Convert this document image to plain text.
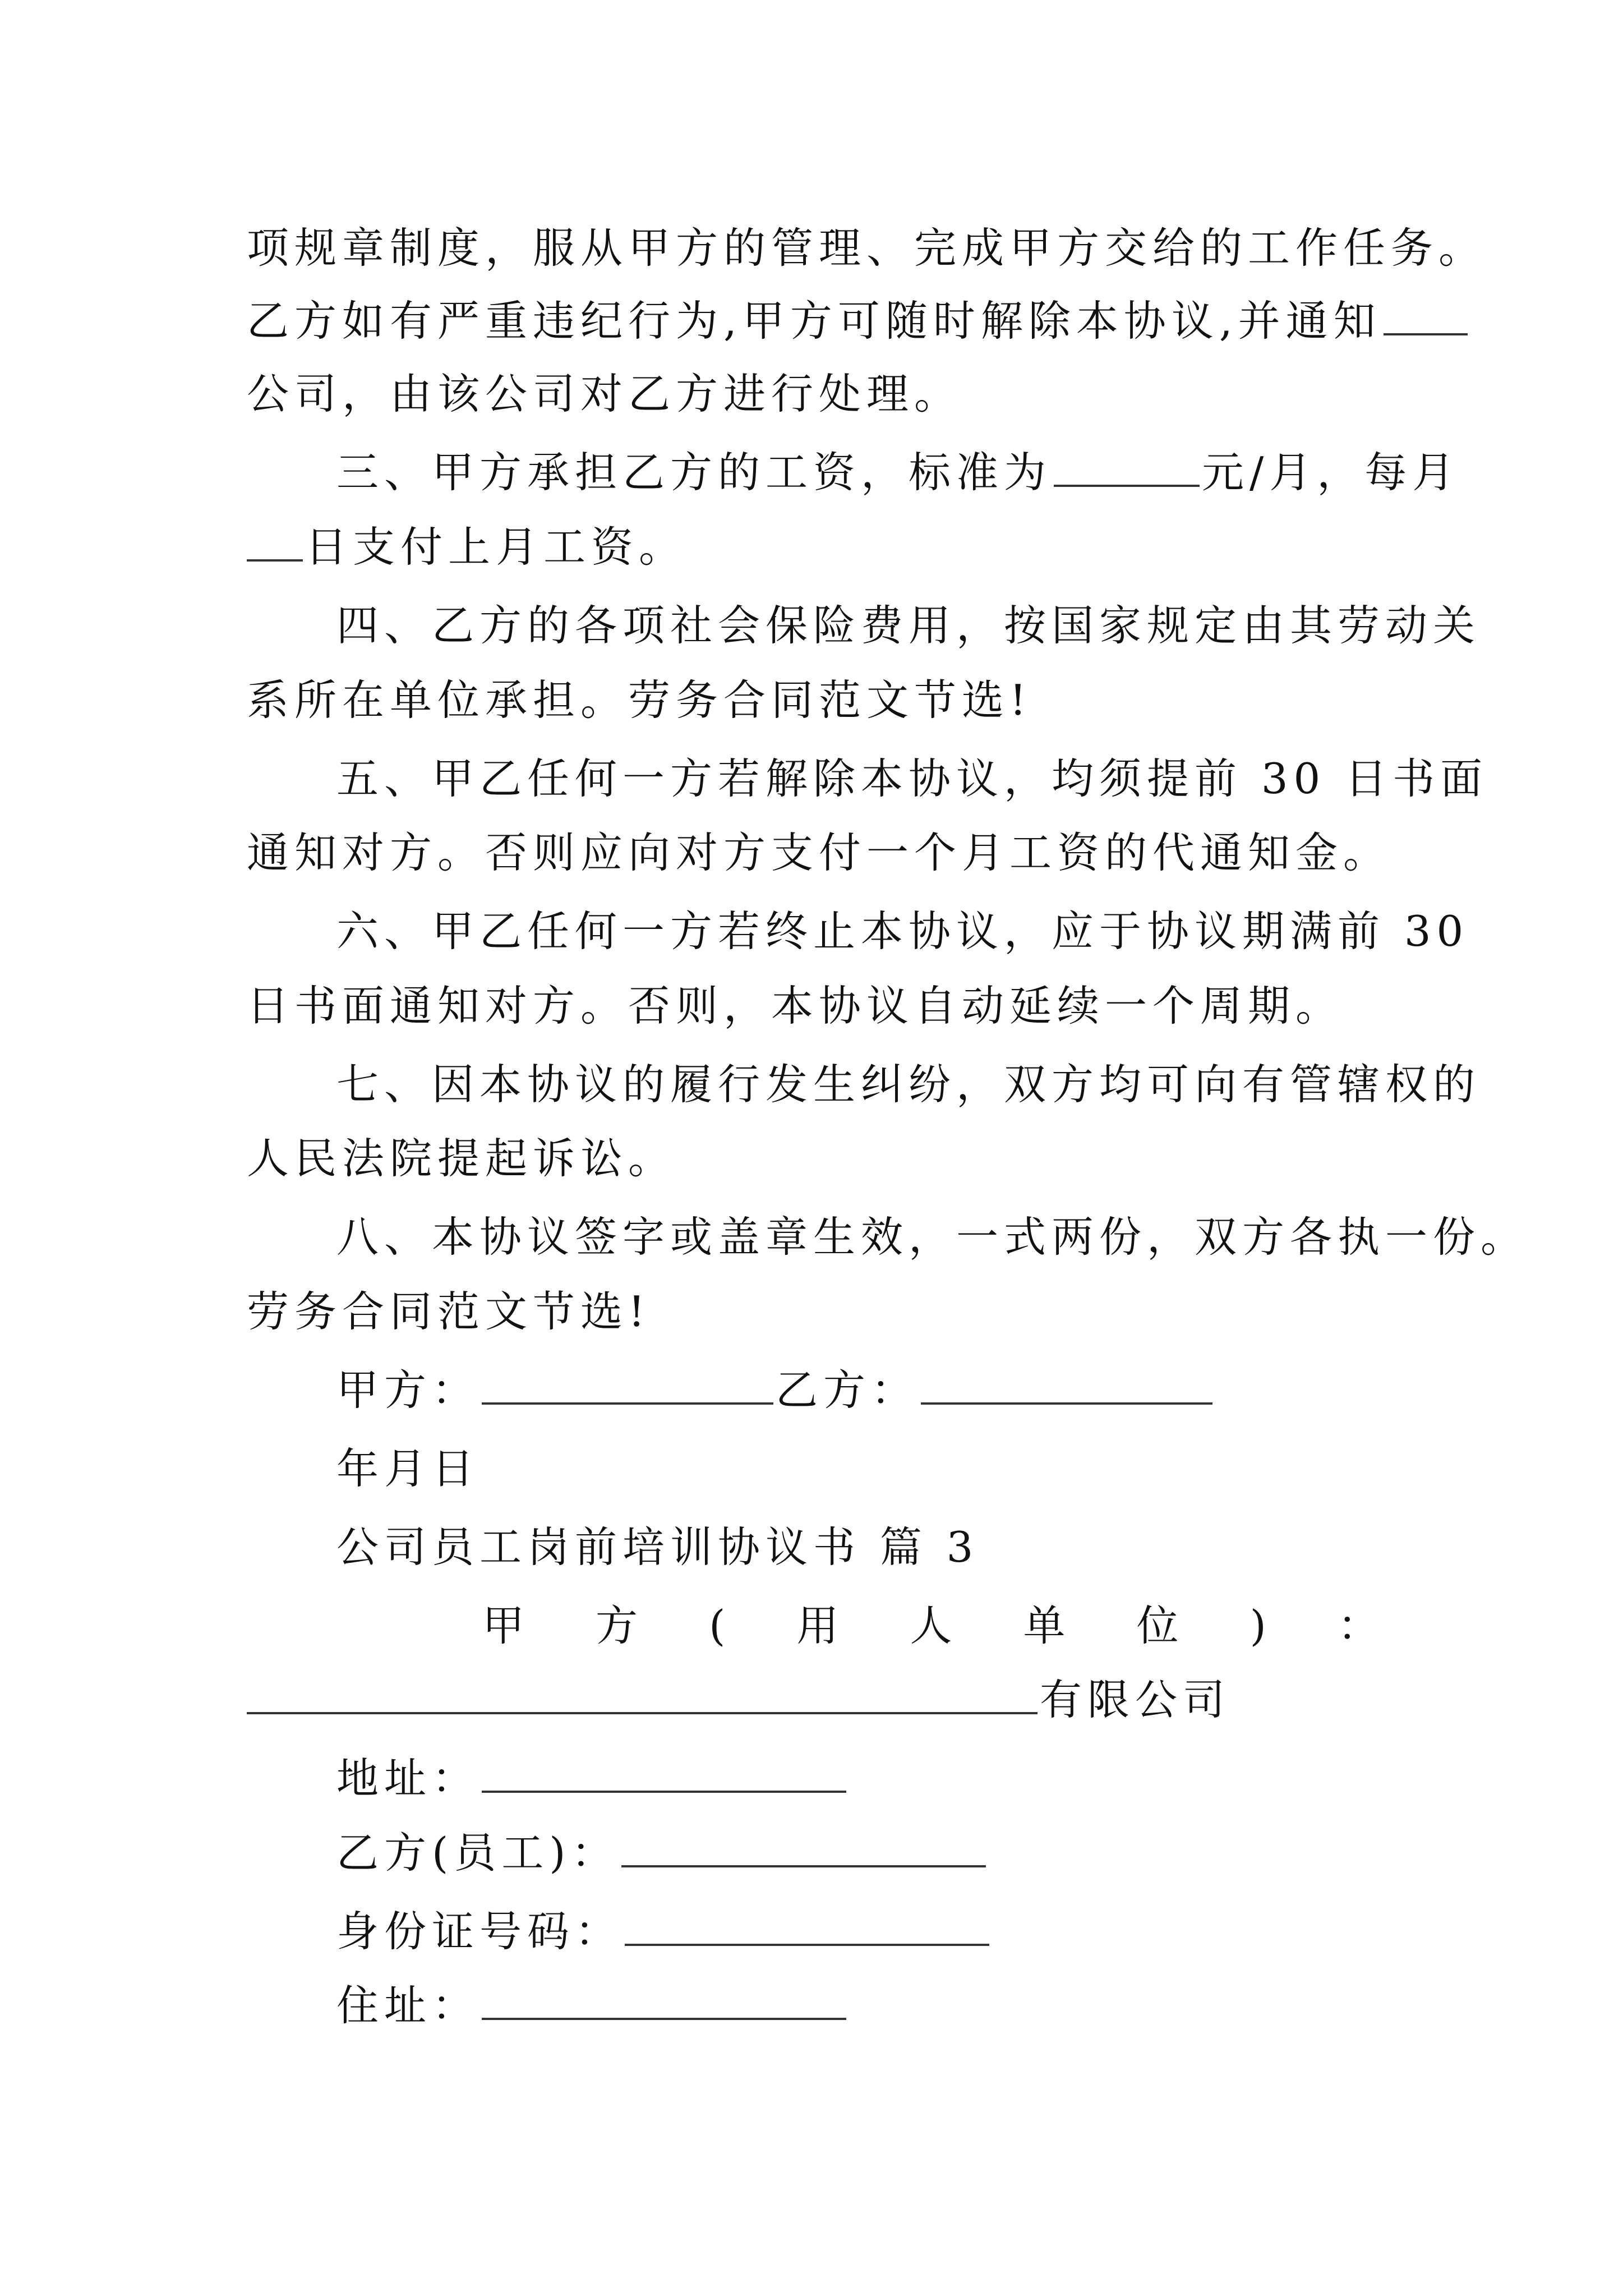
项规章制度，服从甲方的管理、完成甲方交给的工作任务。
乙方如有严重违纪行为,甲方可随时解除本协议,并通知
公司，由该公司对乙方进行处理。
三、甲方承担乙方的工资，标准为	元/月，每月
日支付上月工资。
四、乙方的各项社会保险费用，按国家规定由其劳动关
系所在单位承担。劳务合同范文节选!
五、甲乙任何一方若解除本协议，均须提前 30 日书面
通知对方。否则应向对方支付一个月工资的代通知金。
六、甲乙任何一方若终止本协议，应于协议期满前 30
日书面通知对方。否则，本协议自动延续一个周期。
七、因本协议的履行发生纠纷，双方均可向有管辖权的
人民法院提起诉讼。
八、本协议签字或盖章生效，一式两份，双方各执一份。
劳务合同范文节选!
甲方：	乙方：
年月日
公司员工岗前培训协议书 篇 3
甲 方 ( 用 人 单 位 ) ：
有限公司
地址：
乙方(员工)：
身份证号码：
住址：
